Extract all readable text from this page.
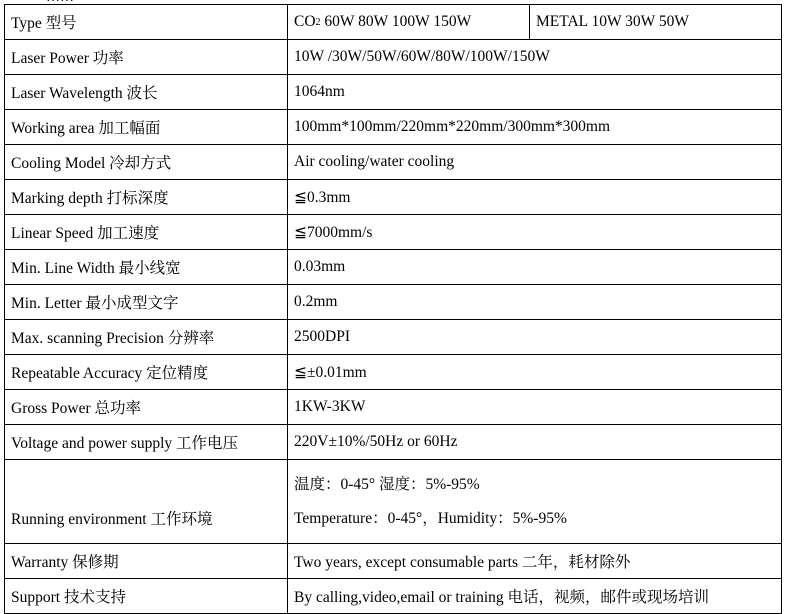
Type 型号	CO 2 60W 80W 100W 150W METAL 10W 30W 50W

Laser Power 功率	10W /30W/50W/60W/80W/100W/150W
Laser Wavelength 波长	1064nm
Working area 加工幅面	100mm*100mm/220mm*220mm/300mm*300mm
Cooling Model 冷却方式	Air cooling/water cooling
Marking depth 打标深度	≦0.3mm
Linear Speed 加工速度	≦7000mm/s
Min. Line Width 最小线宽	0.03mm
Min. Letter 最小成型文字	0.2mm
Max. scanning Precision 分辨率	2500DPI
Repeatable Accuracy 定位精度	≦±0.01mm
Gross Power 总功率	1KW-3KW
Voltage and power supply 工作电压	220V±10%/50Hz or 60Hz
Running environment 工作环境	温度：0-45° 湿度：5%-95%
Temperature：0-45°，Humidity：5%-95%

Warranty 保修期	Two years, except consumable parts 二年，耗材除外
Support 技术支持	By calling,video,email or training 电话，视频，邮件或现场培训
